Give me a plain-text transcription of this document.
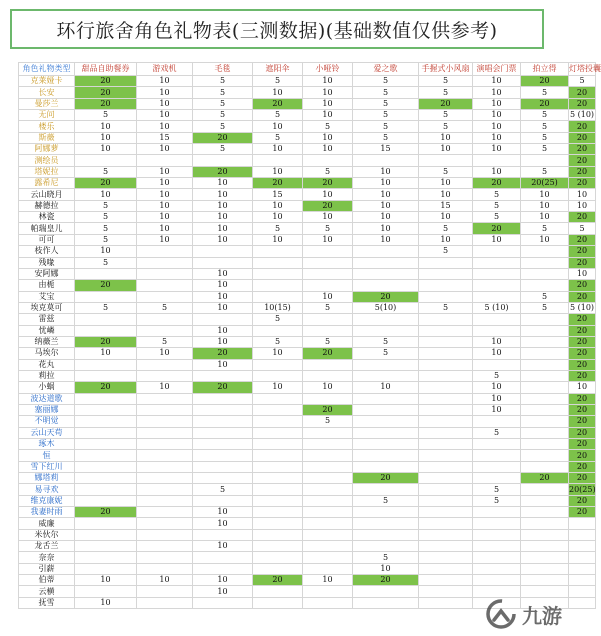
环行旅舍角色礼物表(三测数据)(基础数值仅供参考)
角色礼物类型	甜品自助餐券	游戏机	毛毯	遮阳伞	小哑铃	爱之歌	手握式小风扇	演唱会门票	拍立得	灯塔投囊	
克莱娅卡	20	10	5	5	10	5	5	10	20	5	
长安	20	10	5	10	10	5	5	10	5	20	
曼莎兰	20	10	5	20	10	5	20	10	20	20	
无问	5	10	5	5	10	5	5	10	5	5 (10)	
楼乐	10	10	5	10	5	5	5	10	5	20	
斯薇	10	15	20	5	10	5	10	10	5	20	
阿娜萝	10	10	5	10	10	15	10	10	5	20	
测绘员										20	
塔妮拉	5	10	20	10	5	10	5	10	5	20	
露希尼	20	10	10	20	20	10	10	20	20(25)	20	
云山晓月	10	10	10	15	10	10	10	5	10	10	
赫德拉	5	10	10	10	20	10	15	5	10	10	
林瓷	5	10	10	10	10	10	10	5	10	20	
帕瑞皇儿	5	10	10	5	5	10	5	20	5	5	
可可	5	10	10	10	10	10	10	10	10	20	
枝作人	10						5			20	
残喙	5									20	
安阿娜			10							10	
由栀	20		10							20	
艾宝			10		10	20			5	20	
埃克莫可	5	5	10	10(15)	5	5(10)	5	5 (10)	5	5 (10)	
雷兹				5						20	
忧嶙			10							20	
纳薇兰	20	5	10	5	5	5		10		20	
马埃尔	10	10	20	10	20	5		10		20	
花丸			10							20	
莉拉								5		20	
小蜗	20	10	20	10	10	10		10		10	
波达道歌								10		20	
塞丽娜					20			10		20	
不明觉					5					20	
云山天苟								5		20	
琢木										20	
恒										20	
雪下红川										20	
娜塔莉						20			20	20	
易寻欢			5					5		20(25)	
维克康妮						5		5		20	
我妻时雨	20		10							20	
威廉			10								
米伙尔											
龙舌兰			10								
奈奈						5					
引薪						10					
伯蒂	10	10	10	20	10	20					
云横			10								
抚雪	10										
九游
